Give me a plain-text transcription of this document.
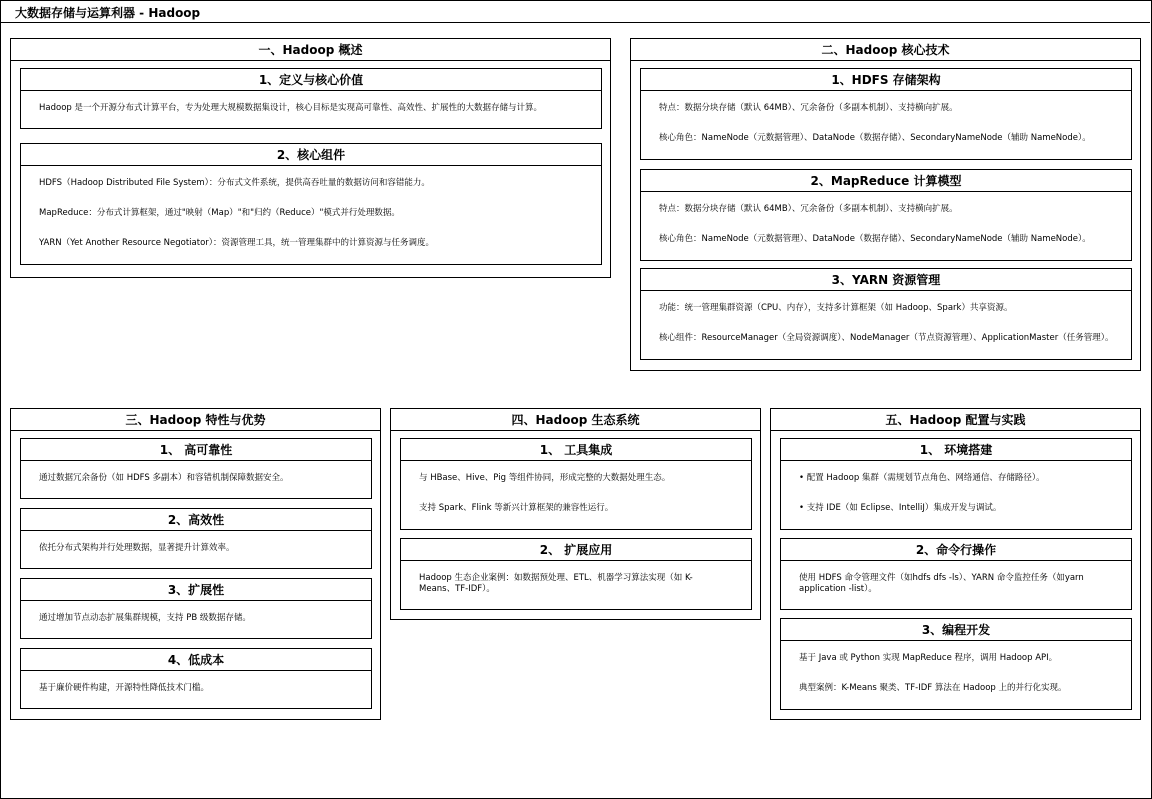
大数据存储与运算利器 - Hadoop
一、Hadoop 概述
1、定义与核心价值
Hadoop 是一个开源分布式计算平台，专为处理大规模数据集设计，核心目标是实现高可靠性、高效性、扩展性的大数据存储与计算。
2、核心组件
HDFS（Hadoop Distributed File System）：分布式文件系统，提供高吞吐量的数据访问和容错能力。
MapReduce：分布式计算框架，通过"映射（Map）"和"归约（Reduce）"模式并行处理数据。
YARN（Yet Another Resource Negotiator）：资源管理工具，统一管理集群中的计算资源与任务调度。
二、Hadoop 核心技术
1、HDFS 存储架构
特点：数据分块存储（默认 64MB）、冗余备份（多副本机制）、支持横向扩展。
核心角色：NameNode（元数据管理）、DataNode（数据存储）、SecondaryNameNode（辅助 NameNode）。
2、MapReduce 计算模型
特点：数据分块存储（默认 64MB）、冗余备份（多副本机制）、支持横向扩展。
核心角色：NameNode（元数据管理）、DataNode（数据存储）、SecondaryNameNode（辅助 NameNode）。
3、YARN 资源管理
功能：统一管理集群资源（CPU、内存），支持多计算框架（如 Hadoop、Spark）共享资源。
核心组件：ResourceManager（全局资源调度）、NodeManager（节点资源管理）、ApplicationMaster（任务管理）。
三、Hadoop 特性与优势
1、 高可靠性
通过数据冗余备份（如 HDFS 多副本）和容错机制保障数据安全。
2、高效性
依托分布式架构并行处理数据，显著提升计算效率。
3、扩展性
通过增加节点动态扩展集群规模，支持 PB 级数据存储。
4、低成本
基于廉价硬件构建，开源特性降低技术门槛。
四、Hadoop 生态系统
1、 工具集成
与 HBase、Hive、Pig 等组件协同，形成完整的大数据处理生态。
支持 Spark、Flink 等新兴计算框架的兼容性运行。
2、 扩展应用
Hadoop 生态企业案例：如数据预处理、ETL、机器学习算法实现（如 K-Means、TF-IDF）。
五、Hadoop 配置与实践
1、 环境搭建
• 配置 Hadoop 集群（需规划节点角色、网络通信、存储路径）。
• 支持 IDE（如 Eclipse、IntelliJ）集成开发与调试。
2、命令行操作
使用 HDFS 命令管理文件（如hdfs dfs -ls）、YARN 命令监控任务（如yarn application -list）。
3、编程开发
基于 Java 或 Python 实现 MapReduce 程序，调用 Hadoop API。
典型案例：K-Means 聚类、TF-IDF 算法在 Hadoop 上的并行化实现。
